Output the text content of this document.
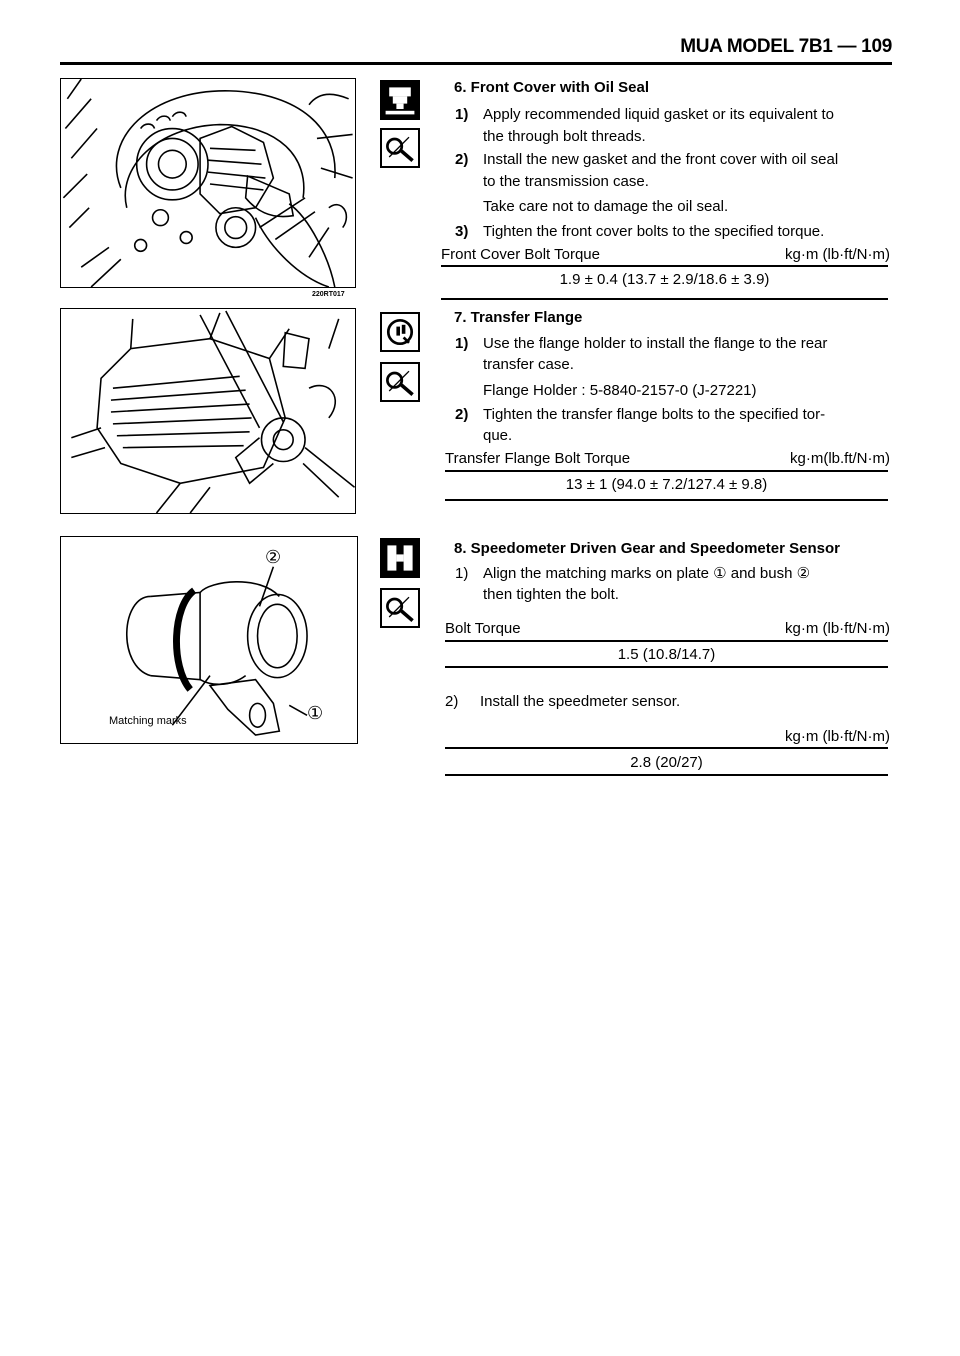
MUA MODEL 7B1 — 109
220RT017
②
Matching marks	①
6. Front Cover with Oil Seal
1) Apply recommended liquid gasket or its equivalent to
the through bolt threads.
2) Install the new gasket and the front cover with oil seal
to the transmission case.
Take care not to damage the oil seal.
3) Tighten the front cover bolts to the specified torque.
Front Cover Bolt Torque	kg·m (lb·ft/N·m)
1.9 ± 0.4 (13.7 ± 2.9/18.6 ± 3.9)
7. Transfer Flange
1) Use the flange holder to install the flange to the rear
transfer case.
Flange Holder : 5-8840-2157-0 (J-27221)
2) Tighten the transfer flange bolts to the specified tor-
que.
Transfer Flange Bolt Torque	kg·m(lb.ft/N·m)
13 ± 1 (94.0 ± 7.2/127.4 ± 9.8)
8. Speedometer Driven Gear and Speedometer Sensor
1) Align the matching marks on plate ① and bush ②
then tighten the bolt.
Bolt Torque	kg·m (lb·ft/N·m)
1.5 (10.8/14.7)
2)	Install the speedmeter sensor.
kg·m (lb·ft/N·m)
2.8 (20/27)
